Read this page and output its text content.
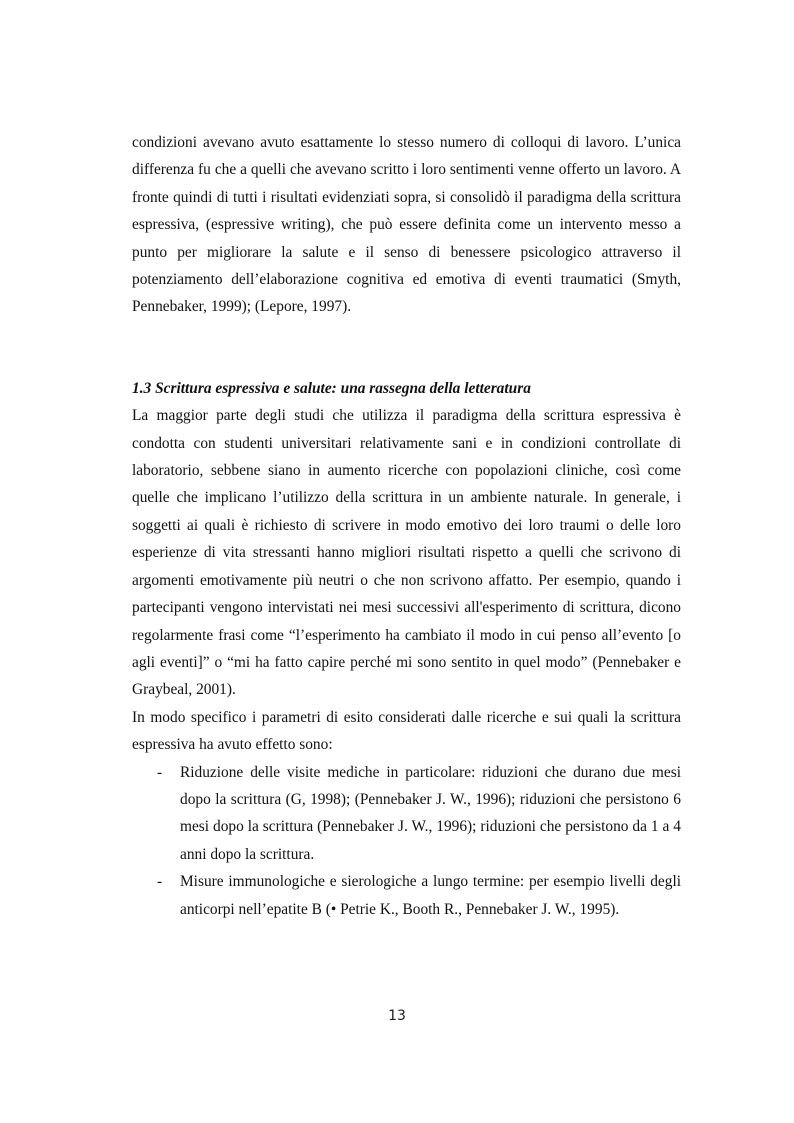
condizioni avevano avuto esattamente lo stesso numero di colloqui di lavoro. L’unica differenza fu che a quelli che avevano scritto i loro sentimenti venne offerto un lavoro. A fronte quindi di tutti i risultati evidenziati sopra, si consolidò il paradigma della scrittura espressiva, (espressive writing), che può essere definita come un intervento messo a punto per migliorare la salute e il senso di benessere psicologico attraverso il potenziamento dell’elaborazione cognitiva ed emotiva di eventi traumatici (Smyth, Pennebaker, 1999); (Lepore, 1997).

1.3 Scrittura espressiva e salute: una rassegna della letteratura

La maggior parte degli studi che utilizza il paradigma della scrittura espressiva è condotta con studenti universitari relativamente sani e in condizioni controllate di laboratorio, sebbene siano in aumento ricerche con popolazioni cliniche, così come quelle che implicano l’utilizzo della scrittura in un ambiente naturale. In generale, i soggetti ai quali è richiesto di scrivere in modo emotivo dei loro traumi o delle loro esperienze di vita stressanti hanno migliori risultati rispetto a quelli che scrivono di argomenti emotivamente più neutri o che non scrivono affatto. Per esempio, quando i partecipanti vengono intervistati nei mesi successivi all'esperimento di scrittura, dicono regolarmente frasi come “l’esperimento ha cambiato il modo in cui penso all’evento [o agli eventi]” o “mi ha fatto capire perché mi sono sentito in quel modo” (Pennebaker e Graybeal, 2001).

In modo specifico i parametri di esito considerati dalle ricerche e sui quali la scrittura espressiva ha avuto effetto sono:

- Riduzione delle visite mediche in particolare: riduzioni che durano due mesi dopo la scrittura (G, 1998); (Pennebaker J. W., 1996); riduzioni che persistono 6 mesi dopo la scrittura (Pennebaker J. W., 1996); riduzioni che persistono da 1 a 4 anni dopo la scrittura.
- Misure immunologiche e sierologiche a lungo termine: per esempio livelli degli anticorpi nell’epatite B (• Petrie K., Booth R., Pennebaker J. W., 1995).
13
